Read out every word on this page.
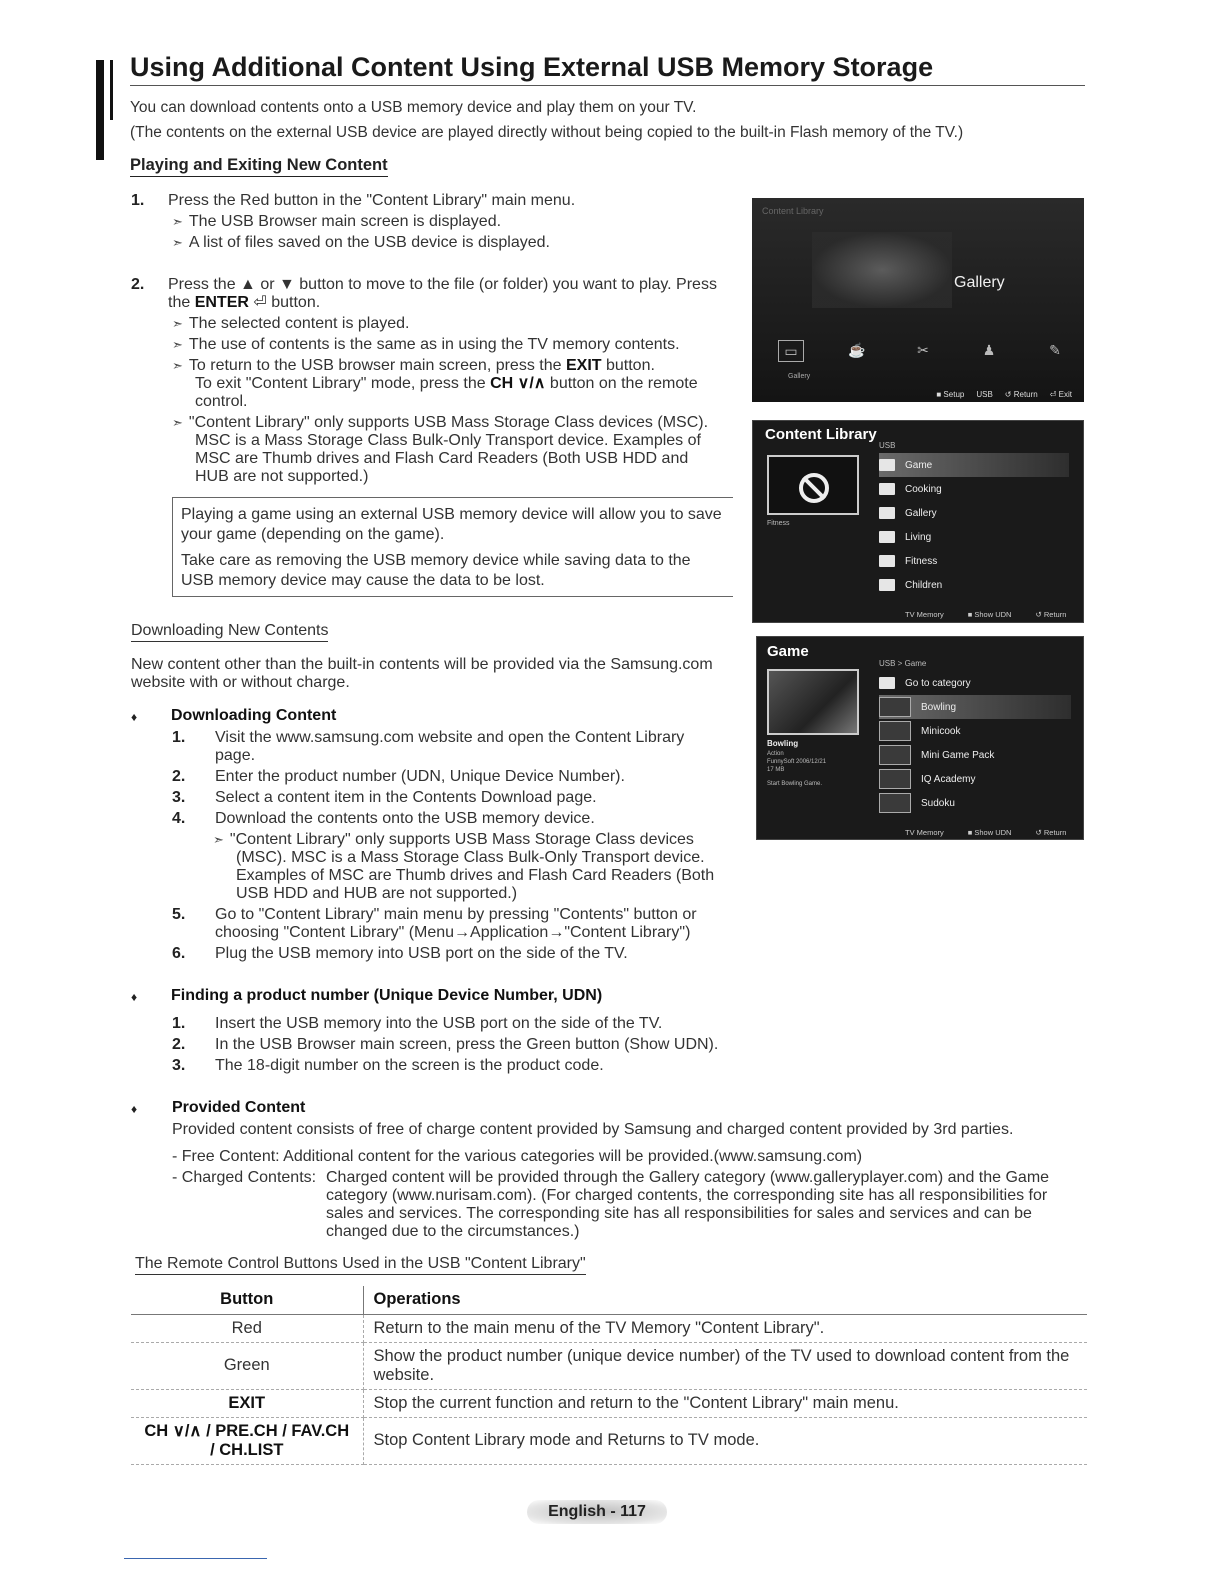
Using Additional Content Using External USB Memory Storage
You can download contents onto a USB memory device and play them on your TV.
(The contents on the external USB device are played directly without being copied to the built-in Flash memory of the TV.)
Playing and Exiting New Content
1. Press the Red button in the "Content Library" main menu.
➣ The USB Browser main screen is displayed.
➣ A list of files saved on the USB device is displayed.
2. Press the ▲ or ▼ button to move to the file (or folder) you want to play. Press
the ENTER ⏎ button.
➣ The selected content is played.
➣ The use of contents is the same as in using the TV memory contents.
➣ To return to the USB browser main screen, press the EXIT button.
To exit "Content Library" mode, press the CH ∨/∧ button on the remote
control.
➣ "Content Library" only supports USB Mass Storage Class devices (MSC).
MSC is a Mass Storage Class Bulk-Only Transport device. Examples of
MSC are Thumb drives and Flash Card Readers (Both USB HDD and
HUB are not supported.)

Playing a game using an external USB memory device will allow you to save your game (depending on the game).

Take care as removing the USB memory device while saving data to the USB memory device may cause the data to be lost.

Downloading New Contents
New content other than the built-in contents will be provided via the Samsung.com
website with or without charge.
♦ Downloading Content
1. Visit the www.samsung.com website and open the Content Library
page.
2. Enter the product number (UDN, Unique Device Number).
3. Select a content item in the Contents Download page.
4. Download the contents onto the USB memory device.
➣ "Content Library" only supports USB Mass Storage Class devices
(MSC). MSC is a Mass Storage Class Bulk-Only Transport device.
Examples of MSC are Thumb drives and Flash Card Readers (Both
USB HDD and HUB are not supported.)
5. Go to "Content Library" main menu by pressing "Contents" button or
choosing "Content Library" (Menu→Application→"Content Library")
6. Plug the USB memory into USB port on the side of the TV.
♦ Finding a product number (Unique Device Number, UDN)
1. Insert the USB memory into the USB port on the side of the TV.
2. In the USB Browser main screen, press the Green button (Show UDN).
3. The 18-digit number on the screen is the product code.
♦ Provided Content
Provided content consists of free of charge content provided by Samsung and charged content provided by 3rd parties.
- Free Content: Additional content for the various categories will be provided.(www.samsung.com)
- Charged Contents: Charged content will be provided through the Gallery category (www.galleryplayer.com) and the Game
category (www.nurisam.com). (For charged contents, the corresponding site has all responsibilities for
sales and services. The corresponding site has all responsibilities for sales and services and can be
changed due to the circumstances.)
The Remote Control Buttons Used in the USB "Content Library"
Button	Operations
Red	Return to the main menu of the TV Memory "Content Library".
Green	Show the product number (unique device number) of the TV used to download content from the website.
EXIT	Stop the current function and return to the "Content Library" main menu.
CH ∨/∧ / PRE.CH / FAV.CH / CH.LIST	Stop Content Library mode and Returns to TV mode.
Content Library
Gallery
▭	☕	✂	♟	✎
Gallery
■ Setup USB ↺ Return ⏎ Exit
Content Library
USB
Fitness
Game
Cooking
Gallery
Living
Fitness
Children
TV Memory	■ Show UDN	↺ Return
Game
USB > Game
Bowling
Action
FunnySoft 2006/12/21
17 MB
Start Bowling Game.
Go to category
Bowling
Minicook
Mini Game Pack
IQ Academy
Sudoku
TV Memory	■ Show UDN	↺ Return
English - 117
